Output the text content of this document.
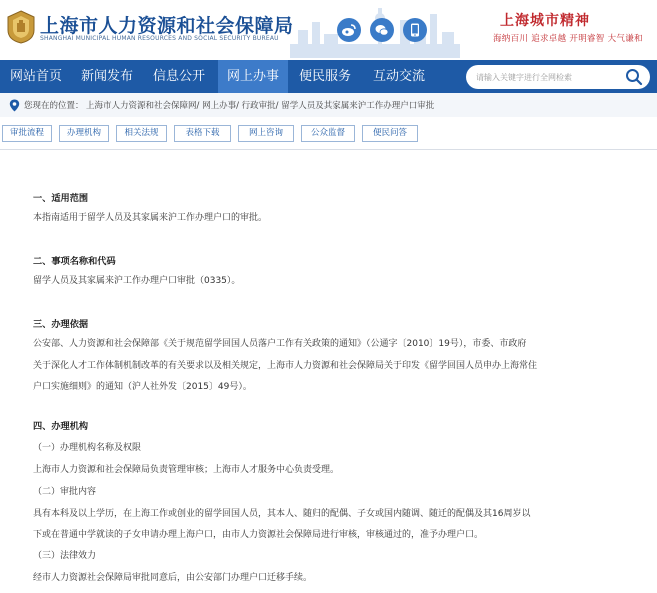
上海市人力资源和社会保障局
SHANGHAI MUNICIPAL HUMAN RESOURCES AND SOCIAL SECURITY BUREAU
上海城市精神
海纳百川 追求卓越 开明睿智 大气谦和
网站首页	新闻发布	信息公开	网上办事	便民服务	互动交流
请输入关键字进行全网检索
您现在的位置： 上海市人力资源和社会保障网/ 网上办事/ 行政审批/ 留学人员及其家属来沪工作办理户口审批
审批流程	办理机构	相关法规	表格下载	网上咨询	公众监督	便民问答
一、适用范围
本指南适用于留学人员及其家属来沪工作办理户口的审批。
二、事项名称和代码
留学人员及其家属来沪工作办理户口审批（0335）。
三、办理依据
公安部、人力资源和社会保障部《关于规范留学回国人员落户工作有关政策的通知》（公通字〔2010〕19号），市委、市政府
关于深化人才工作体制机制改革的有关要求以及相关规定，上海市人力资源和社会保障局关于印发《留学回国人员申办上海常住
户口实施细则》的通知（沪人社外发〔2015〕49号）。
四、办理机构
（一）办理机构名称及权限
上海市人力资源和社会保障局负责管理审核；上海市人才服务中心负责受理。
（二）审批内容
具有本科及以上学历，在上海工作或创业的留学回国人员，其本人、随归的配偶、子女或国内随调、随迁的配偶及其16周岁以
下或在普通中学就读的子女申请办理上海户口，由市人力资源社会保障局进行审核，审核通过的，准予办理户口。
（三）法律效力
经市人力资源社会保障局审批同意后，由公安部门办理户口迁移手续。
